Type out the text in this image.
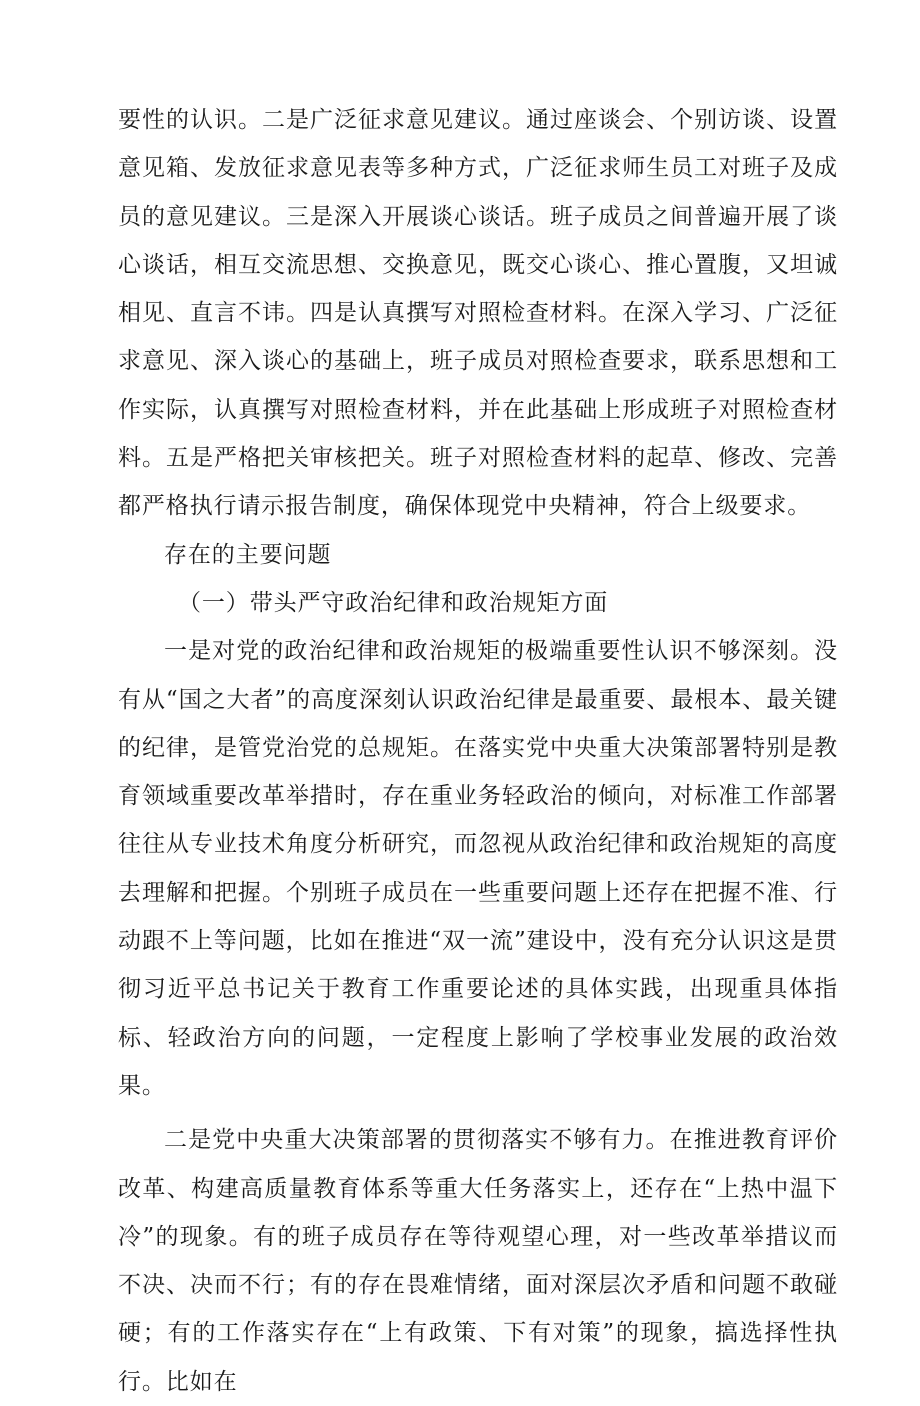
要性的认识。二是广泛征求意见建议。通过座谈会、个别访谈、设置意见箱、发放征求意见表等多种方式，广泛征求师生员工对班子及成员的意见建议。三是深入开展谈心谈话。班子成员之间普遍开展了谈心谈话，相互交流思想、交换意见，既交心谈心、推心置腹，又坦诚相见、直言不讳。四是认真撰写对照检查材料。在深入学习、广泛征求意见、深入谈心的基础上，班子成员对照检查要求，联系思想和工作实际，认真撰写对照检查材料，并在此基础上形成班子对照检查材料。五是严格把关审核把关。班子对照检查材料的起草、修改、完善都严格执行请示报告制度，确保体现党中央精神，符合上级要求。

存在的主要问题

（一）带头严守政治纪律和政治规矩方面

一是对党的政治纪律和政治规矩的极端重要性认识不够深刻。没有从“国之大者”的高度深刻认识政治纪律是最重要、最根本、最关键的纪律，是管党治党的总规矩。在落实党中央重大决策部署特别是教育领域重要改革举措时，存在重业务轻政治的倾向，对标准工作部署往往从专业技术角度分析研究，而忽视从政治纪律和政治规矩的高度去理解和把握。个别班子成员在一些重要问题上还存在把握不准、行动跟不上等问题，比如在推进“双一流”建设中，没有充分认识这是贯彻习近平总书记关于教育工作重要论述的具体实践，出现重具体指标、轻政治方向的问题，一定程度上影响了学校事业发展的政治效果。

二是党中央重大决策部署的贯彻落实不够有力。在推进教育评价改革、构建高质量教育体系等重大任务落实上，还存在“上热中温下冷”的现象。有的班子成员存在等待观望心理，对一些改革举措议而不决、决而不行；有的存在畏难情绪，面对深层次矛盾和问题不敢碰硬；有的工作落实存在“上有政策、下有对策”的现象，搞选择性执行。比如在
